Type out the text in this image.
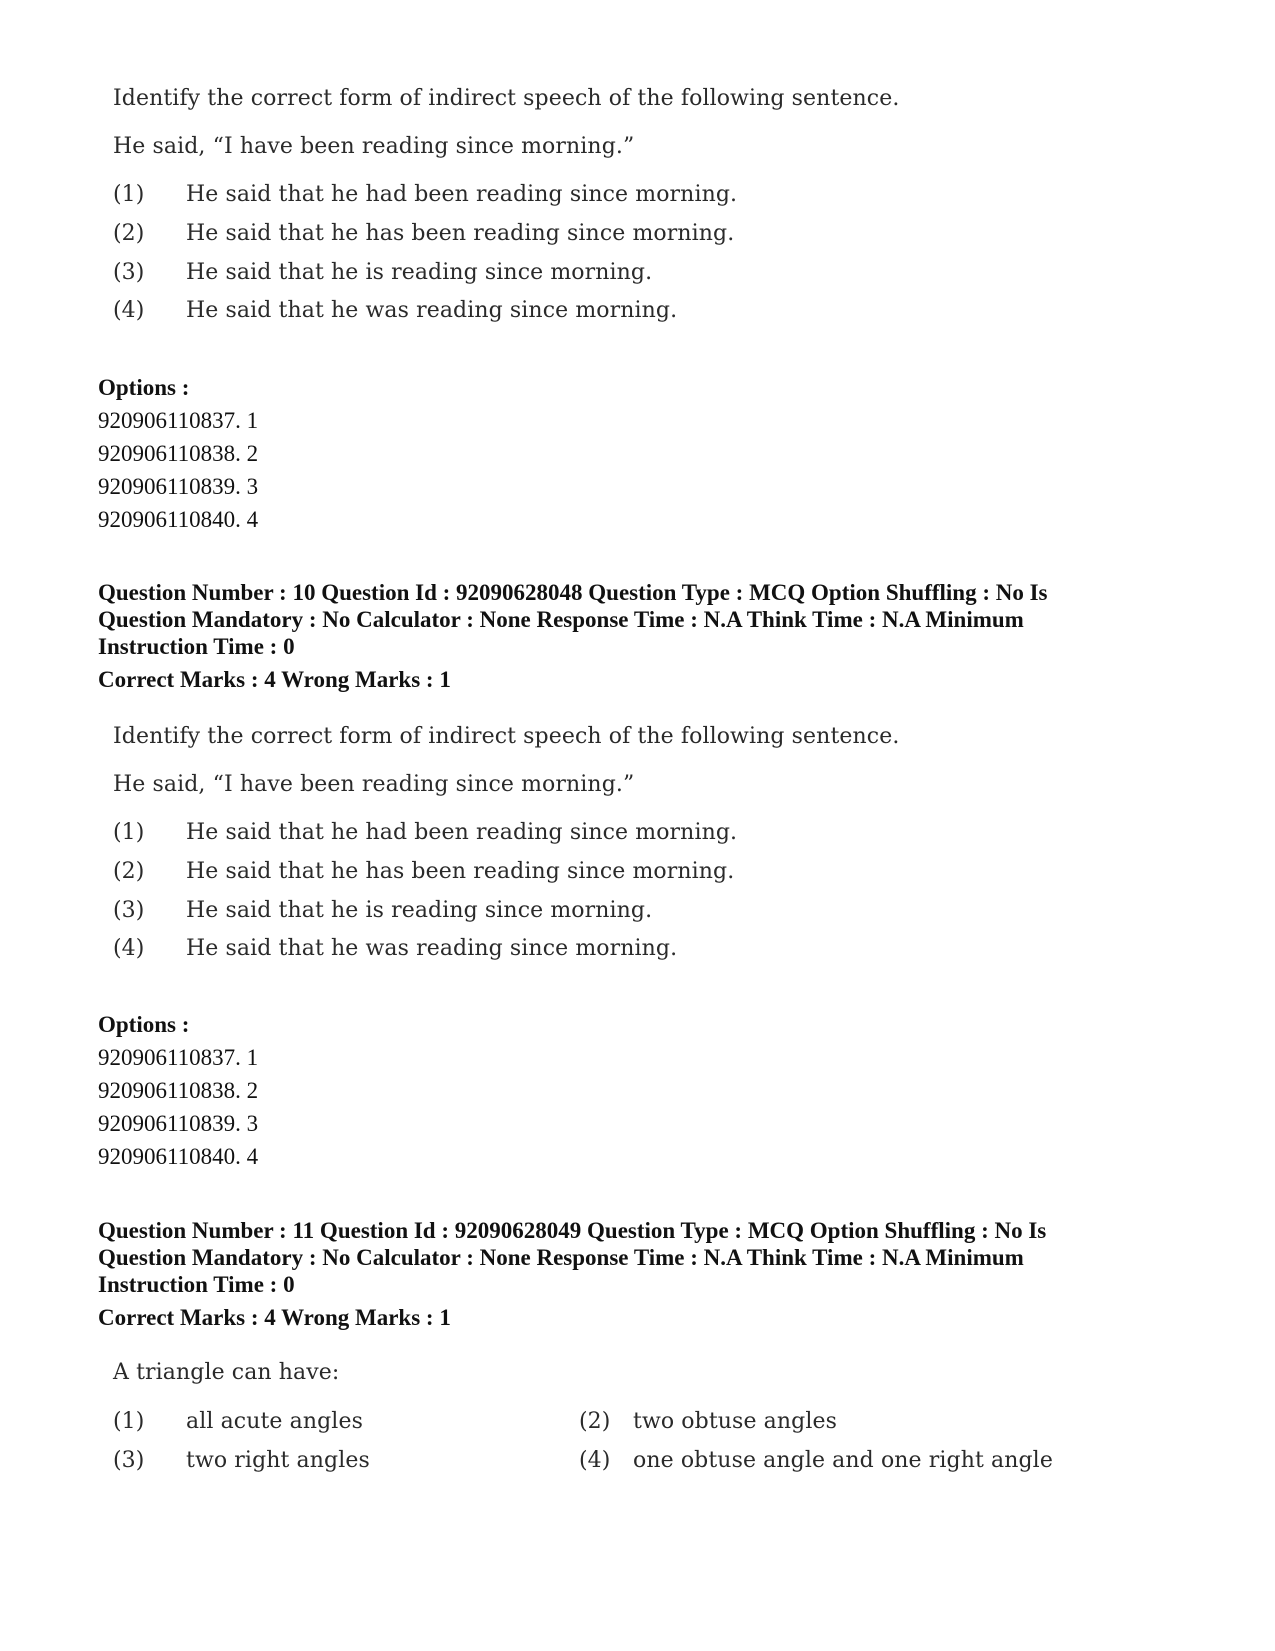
Identify the correct form of indirect speech of the following sentence.
He said, “I have been reading since morning.”
(1) He said that he had been reading since morning.
(2) He said that he has been reading since morning.
(3) He said that he is reading since morning.
(4) He said that he was reading since morning.
Options :
920906110837. 1
920906110838. 2
920906110839. 3
920906110840. 4
Question Number : 10 Question Id : 92090628048 Question Type : MCQ Option Shuffling : No Is
Question Mandatory : No Calculator : None Response Time : N.A Think Time : N.A Minimum
Instruction Time : 0
Correct Marks : 4 Wrong Marks : 1
Identify the correct form of indirect speech of the following sentence.
He said, “I have been reading since morning.”
(1) He said that he had been reading since morning.
(2) He said that he has been reading since morning.
(3) He said that he is reading since morning.
(4) He said that he was reading since morning.
Options :
920906110837. 1
920906110838. 2
920906110839. 3
920906110840. 4
Question Number : 11 Question Id : 92090628049 Question Type : MCQ Option Shuffling : No Is
Question Mandatory : No Calculator : None Response Time : N.A Think Time : N.A Minimum
Instruction Time : 0
Correct Marks : 4 Wrong Marks : 1
A triangle can have:
(1) all acute angles	(2) two obtuse angles
(3) two right angles	(4) one obtuse angle and one right angle
